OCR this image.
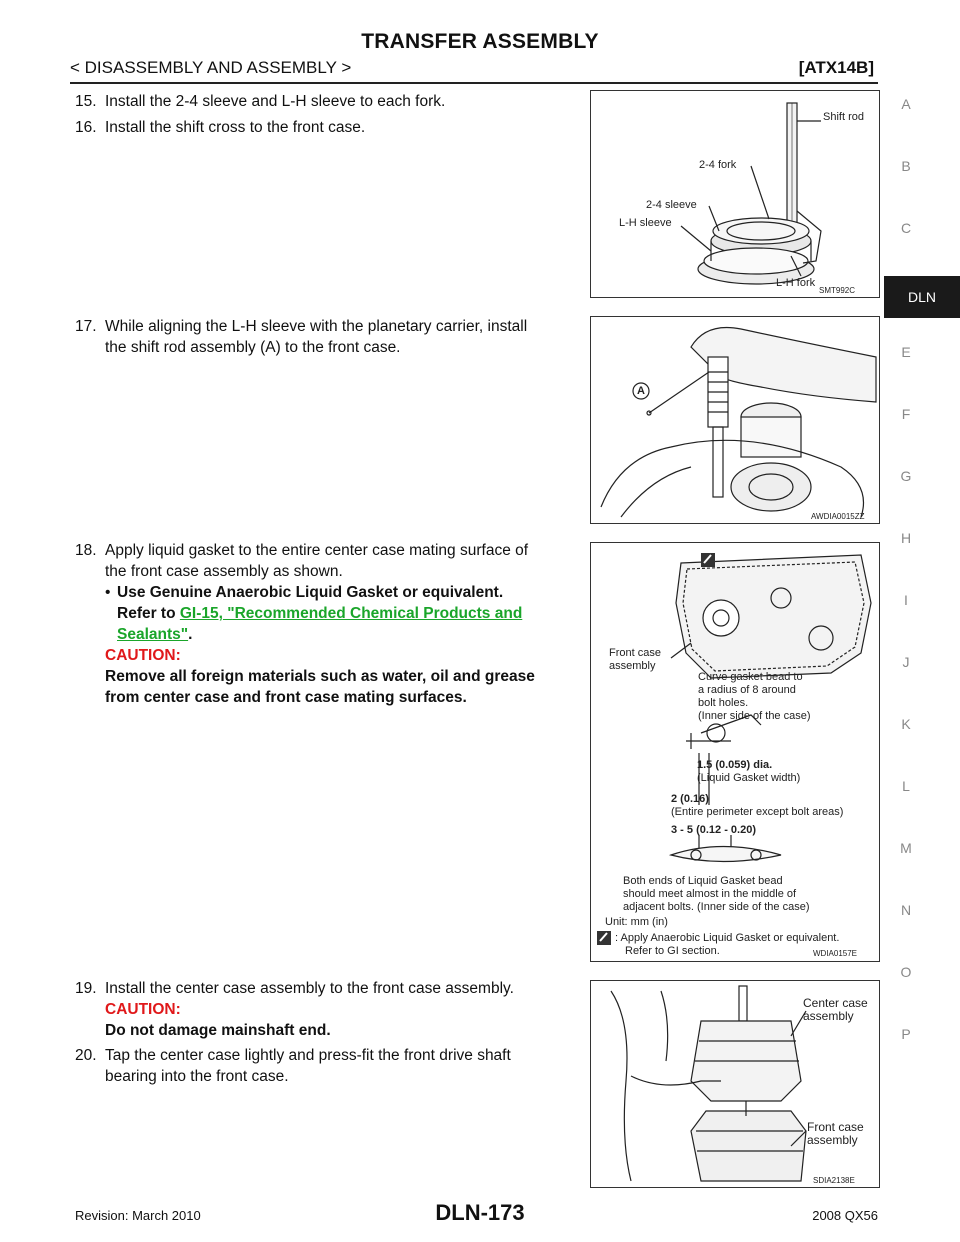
TRANSFER ASSEMBLY
< DISASSEMBLY AND ASSEMBLY >	[ATX14B]
15. Install the 2-4 sleeve and L-H sleeve to each fork.
16. Install the shift cross to the front case.
17. While aligning the L-H sleeve with the planetary carrier, install
the shift rod assembly (A) to the front case.
18. Apply liquid gasket to the entire center case mating surface of
the front case assembly as shown.
• Use Genuine Anaerobic Liquid Gasket or equivalent.
Refer to GI-15, "Recommended Chemical Products and
Sealants".
CAUTION:
Remove all foreign materials such as water, oil and grease
from center case and front case mating surfaces.
19. Install the center case assembly to the front case assembly.
CAUTION:
Do not damage mainshaft end.
20. Tap the center case lightly and press-fit the front drive shaft
bearing into the front case.
Shift rod
2-4 fork
2-4 sleeve
L-H sleeve
L-H fork
SMT992C
A
AWDIA0015ZZ
Front case
assembly
Curve gasket bead to
a radius of 8 around
bolt holes.
(Inner side of the case)
1.5 (0.059) dia.
(Liquid Gasket width)
2 (0.16)
(Entire perimeter except bolt areas)
3 - 5 (0.12 - 0.20)
Both ends of Liquid Gasket bead
should meet almost in the middle of
adjacent bolts. (Inner side of the case)
Unit: mm (in)
: Apply Anaerobic Liquid Gasket or equivalent.
Refer to GI section.	WDIA0157E
Center case
assembly
Front case
assembly
SDIA2138E
A
B
C
DLN
E
F
G
H
I
J
K
L
M
N
O
P
Revision: March 2010	DLN-173	2008 QX56
